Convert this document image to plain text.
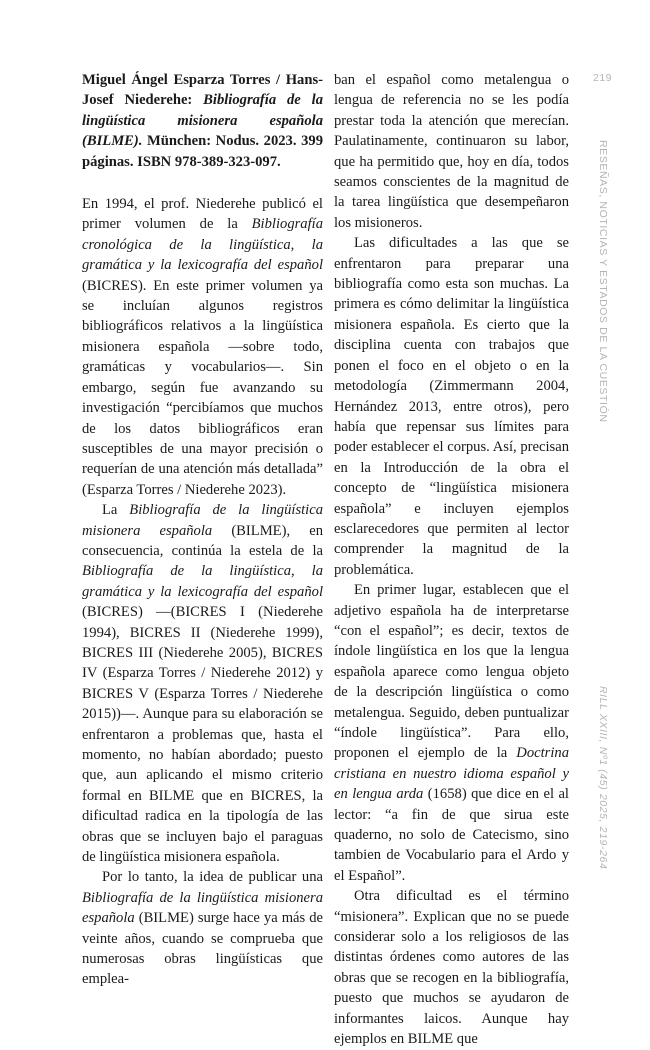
219
RESEÑAS, NOTICIAS Y ESTADOS DE LA CUESTIÓN
RILL XXIII, Nº1 (45) 2025, 219-264

Miguel Ángel Esparza Torres / Hans-Josef Niederehe: Bibliografía de la lingüística misionera española (BILME). München: Nodus. 2023. 399 páginas. ISBN 978-389-323-097.

En 1994, el prof. Niederehe publicó el primer volumen de la Bibliografía cronológica de la lingüística, la gramática y la lexicografía del español (BICRES). En este primer volumen ya se incluían algunos registros bibliográficos relativos a la lingüística misionera española —sobre todo, gramáticas y vocabularios—. Sin embargo, según fue avanzando su investigación “percibíamos que muchos de los datos bibliográficos eran susceptibles de una mayor precisión o requerían de una atención más detallada” (Esparza Torres / Niederehe 2023).

La Bibliografía de la lingüística misionera española (BILME), en consecuencia, continúa la estela de la Bibliografía de la lingüística, la gramática y la lexicografía del español (BICRES) —(BICRES I (Niederehe 1994), BICRES II (Niederehe 1999), BICRES III (Niederehe 2005), BICRES IV (Esparza Torres / Niederehe 2012) y BICRES V (Esparza Torres / Niederehe 2015))—. Aunque para su elaboración se enfrentaron a problemas que, hasta el momento, no habían abordado; puesto que, aun aplicando el mismo criterio formal en BILME que en BICRES, la dificultad radica en la tipología de las obras que se incluyen bajo el paraguas de lingüística misionera española.

Por lo tanto, la idea de publicar una Bibliografía de la lingüística misionera española (BILME) surge hace ya más de veinte años, cuando se comprueba que numerosas obras lingüísticas que emplea-

ban el español como metalengua o lengua de referencia no se les podía prestar toda la atención que merecían. Paulatinamente, continuaron su labor, que ha permitido que, hoy en día, todos seamos conscientes de la magnitud de la tarea lingüística que desempeñaron los misioneros.

Las dificultades a las que se enfrentaron para preparar una bibliografía como esta son muchas. La primera es cómo delimitar la lingüística misionera española. Es cierto que la disciplina cuenta con trabajos que ponen el foco en el objeto o en la metodología (Zimmermann 2004, Hernández 2013, entre otros), pero había que repensar sus límites para poder establecer el corpus. Así, precisan en la Introducción de la obra el concepto de “lingüística misionera española” e incluyen ejemplos esclarecedores que permiten al lector comprender la magnitud de la problemática.

En primer lugar, establecen que el adjetivo española ha de interpretarse “con el español”; es decir, textos de índole lingüística en los que la lengua española aparece como lengua objeto de la descripción lingüística o como metalengua. Seguido, deben puntualizar “índole lingüística”. Para ello, proponen el ejemplo de la Doctrina cristiana en nuestro idioma español y en lengua arda (1658) que dice en el al lector: “a fin de que sirua este quaderno, no solo de Catecismo, sino tambien de Vocabulario para el Ardo y el Español”.

Otra dificultad es el término “misionera”. Explican que no se puede considerar solo a los religiosos de las distintas órdenes como autores de las obras que se recogen en la bibliografía, puesto que muchos se ayudaron de informantes laicos. Aunque hay ejemplos en BILME que
